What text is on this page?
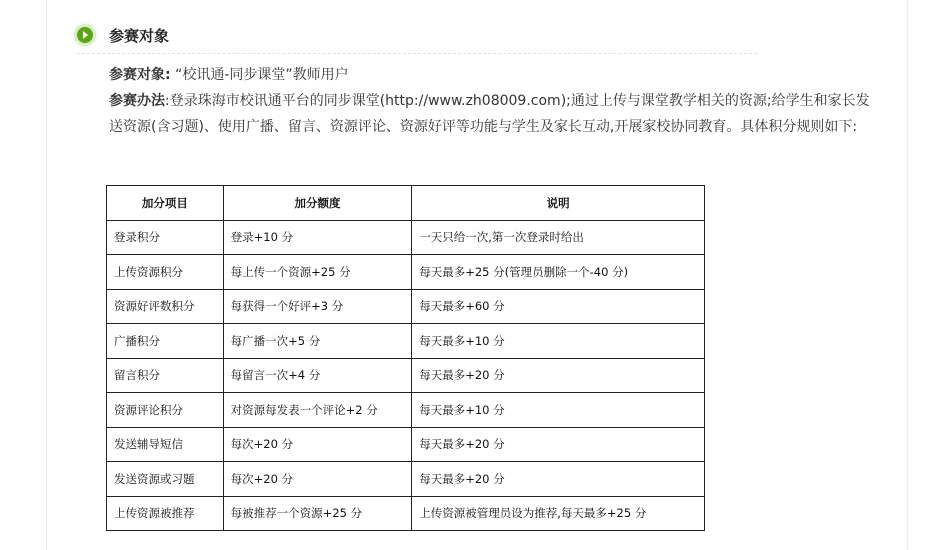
参赛对象

参赛对象: “校讯通-同步课堂”教师用户

参赛办法:登录珠海市校讯通平台的同步课堂(http://www.zh08009.com);通过上传与课堂教学相关的资源;给学生和家长发送资源(含习题)、使用广播、留言、资源评论、资源好评等功能与学生及家长互动,开展家校协同教育。具体积分规则如下:

加分项目	加分额度	说明
登录积分	登录+10 分	一天只给一次,第一次登录时给出
上传资源积分	每上传一个资源+25 分	每天最多+25 分(管理员删除一个-40 分)
资源好评数积分	每获得一个好评+3 分	每天最多+60 分
广播积分	每广播一次+5 分	每天最多+10 分
留言积分	每留言一次+4 分	每天最多+20 分
资源评论积分	对资源每发表一个评论+2 分	每天最多+10 分
发送辅导短信	每次+20 分	每天最多+20 分
发送资源或习题	每次+20 分	每天最多+20 分
上传资源被推荐	每被推荐一个资源+25 分	上传资源被管理员设为推荐,每天最多+25 分
